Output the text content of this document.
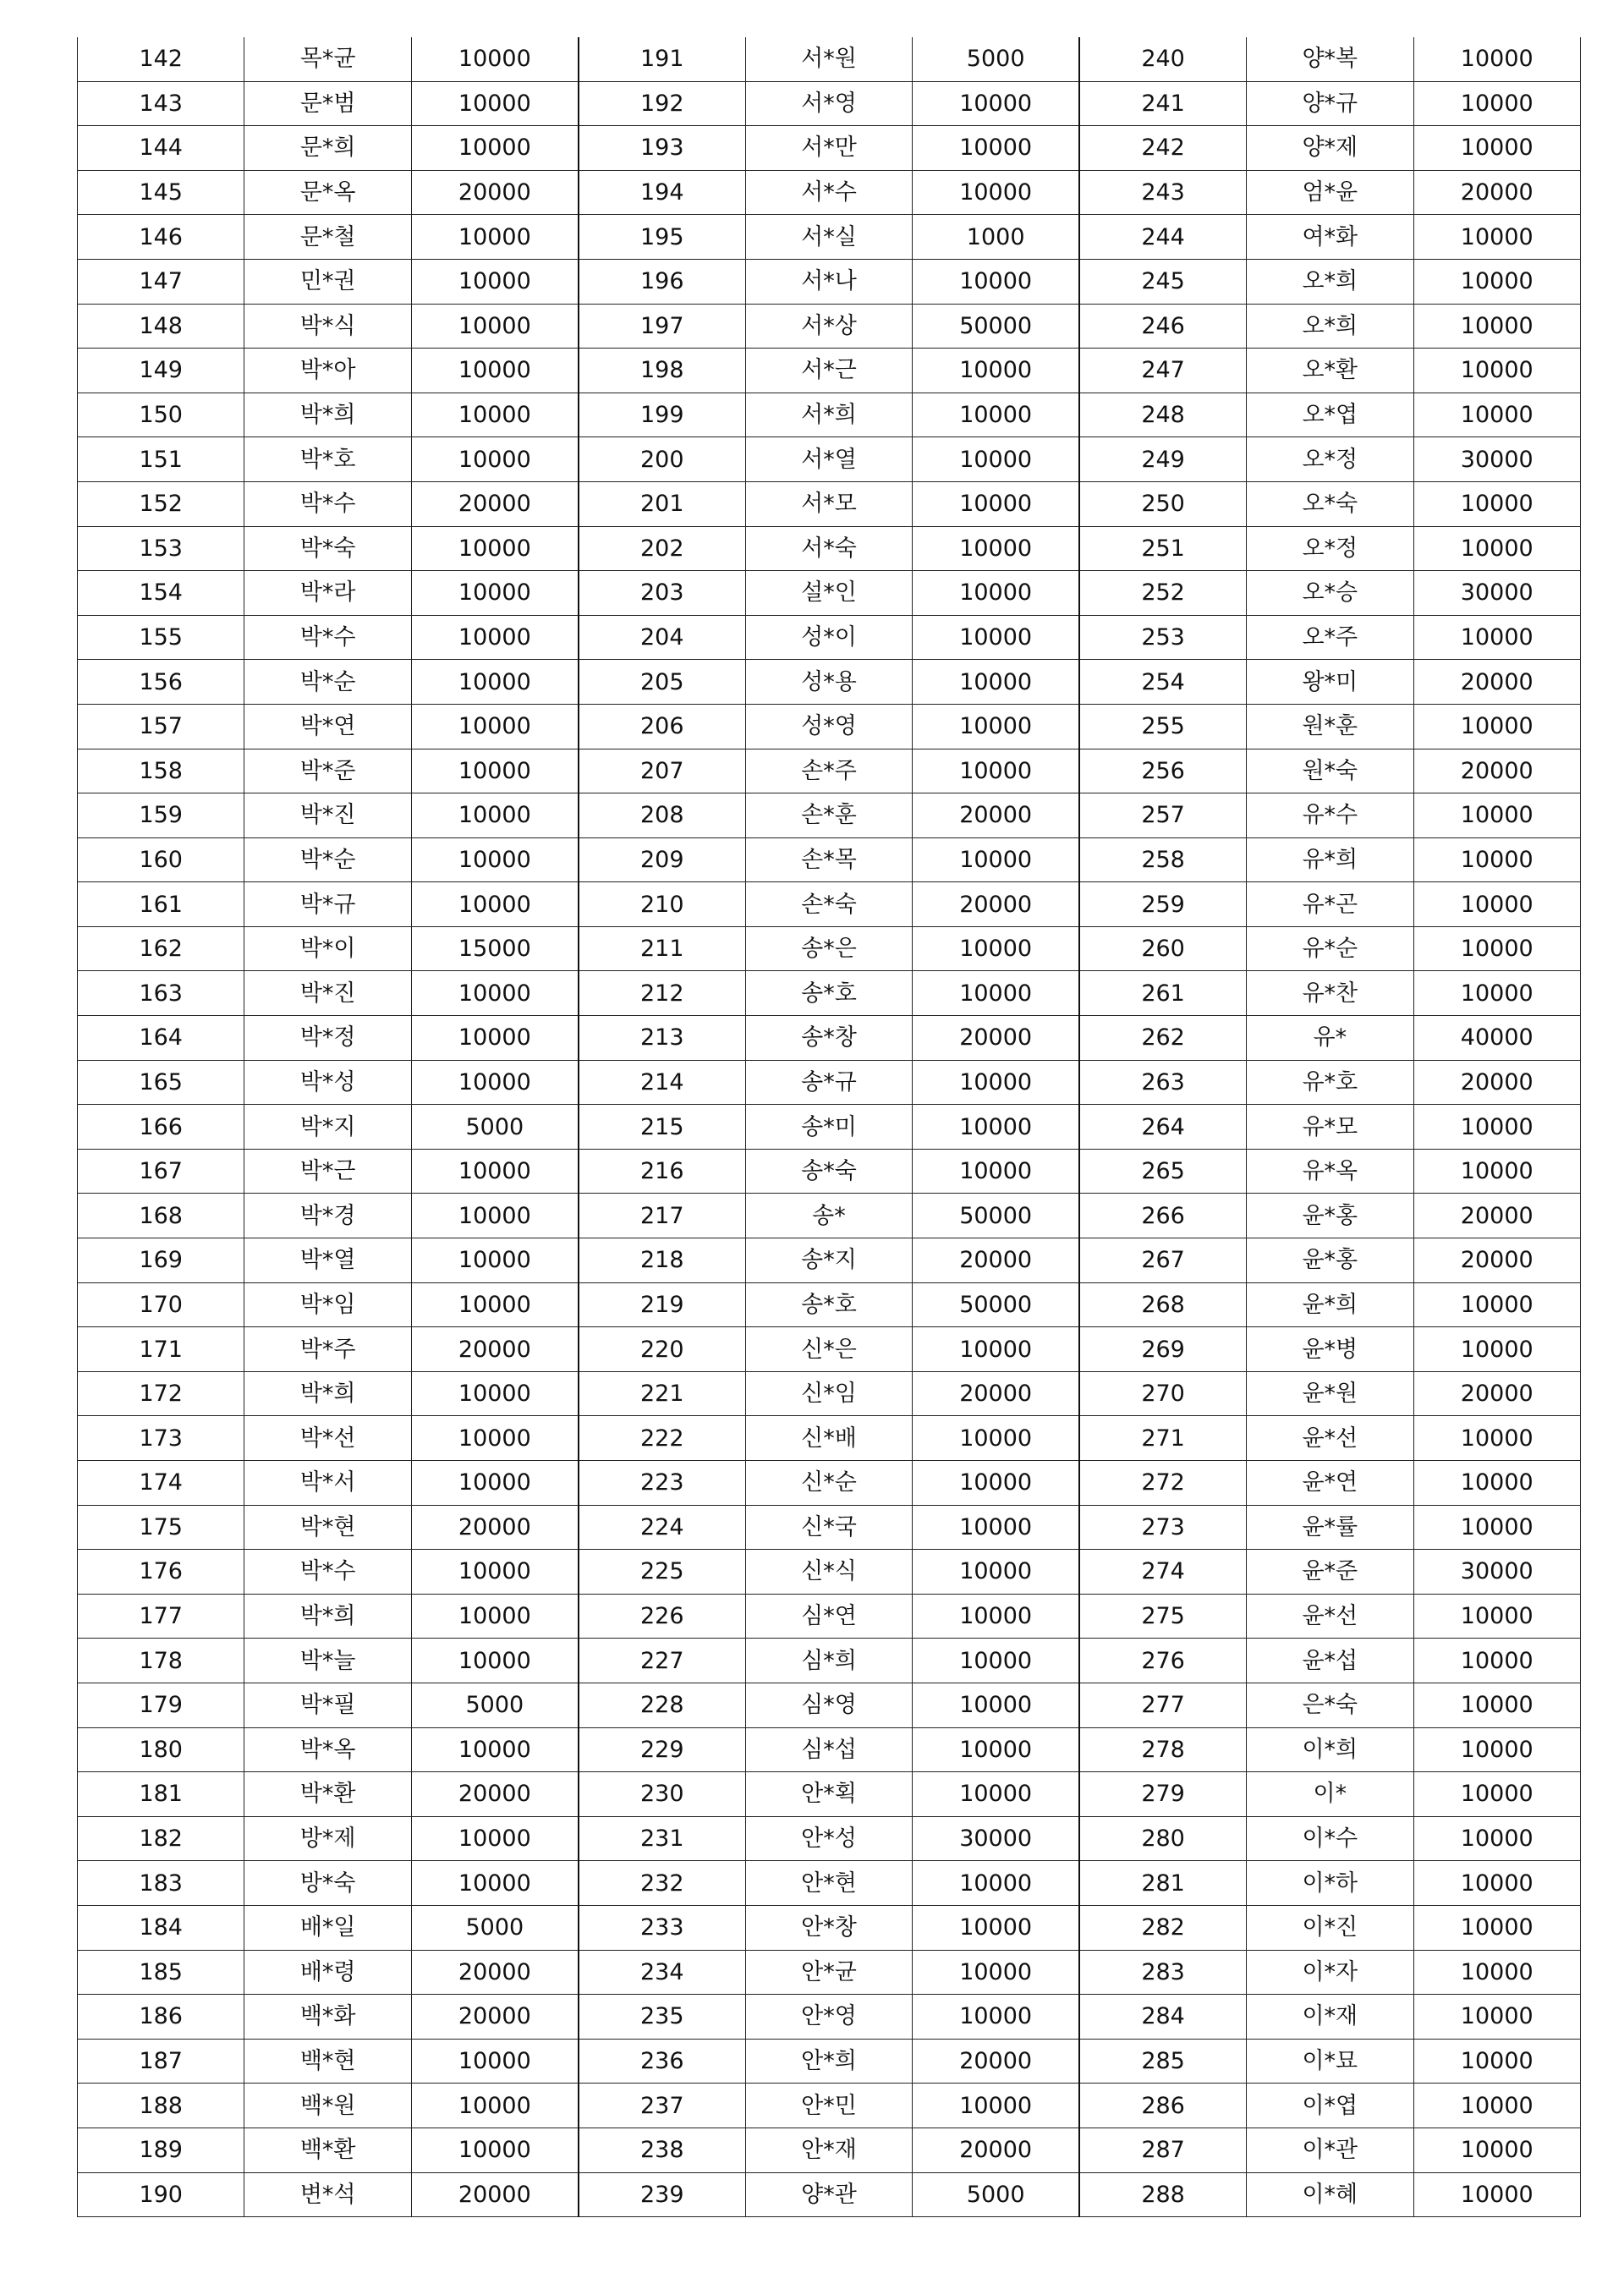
142	목*균	10000	191	서*원	5000	240	양*복	10000
143	문*범	10000	192	서*영	10000	241	양*규	10000
144	문*희	10000	193	서*만	10000	242	양*제	10000
145	문*옥	20000	194	서*수	10000	243	엄*윤	20000
146	문*철	10000	195	서*실	1000	244	여*화	10000
147	민*권	10000	196	서*나	10000	245	오*희	10000
148	박*식	10000	197	서*상	50000	246	오*희	10000
149	박*아	10000	198	서*근	10000	247	오*환	10000
150	박*희	10000	199	서*희	10000	248	오*엽	10000
151	박*호	10000	200	서*열	10000	249	오*정	30000
152	박*수	20000	201	서*모	10000	250	오*숙	10000
153	박*숙	10000	202	서*숙	10000	251	오*정	10000
154	박*라	10000	203	설*인	10000	252	오*승	30000
155	박*수	10000	204	성*이	10000	253	오*주	10000
156	박*순	10000	205	성*용	10000	254	왕*미	20000
157	박*연	10000	206	성*영	10000	255	원*훈	10000
158	박*준	10000	207	손*주	10000	256	원*숙	20000
159	박*진	10000	208	손*훈	20000	257	유*수	10000
160	박*순	10000	209	손*목	10000	258	유*희	10000
161	박*규	10000	210	손*숙	20000	259	유*곤	10000
162	박*이	15000	211	송*은	10000	260	유*순	10000
163	박*진	10000	212	송*호	10000	261	유*찬	10000
164	박*정	10000	213	송*창	20000	262	유*	40000
165	박*성	10000	214	송*규	10000	263	유*호	20000
166	박*지	5000	215	송*미	10000	264	유*모	10000
167	박*근	10000	216	송*숙	10000	265	유*옥	10000
168	박*경	10000	217	송*	50000	266	윤*홍	20000
169	박*열	10000	218	송*지	20000	267	윤*홍	20000
170	박*임	10000	219	송*호	50000	268	윤*희	10000
171	박*주	20000	220	신*은	10000	269	윤*병	10000
172	박*희	10000	221	신*임	20000	270	윤*원	20000
173	박*선	10000	222	신*배	10000	271	윤*선	10000
174	박*서	10000	223	신*순	10000	272	윤*연	10000
175	박*현	20000	224	신*국	10000	273	윤*률	10000
176	박*수	10000	225	신*식	10000	274	윤*준	30000
177	박*희	10000	226	심*연	10000	275	윤*선	10000
178	박*늘	10000	227	심*희	10000	276	윤*섭	10000
179	박*필	5000	228	심*영	10000	277	은*숙	10000
180	박*옥	10000	229	심*섭	10000	278	이*희	10000
181	박*환	20000	230	안*획	10000	279	이*	10000
182	방*제	10000	231	안*성	30000	280	이*수	10000
183	방*숙	10000	232	안*현	10000	281	이*하	10000
184	배*일	5000	233	안*창	10000	282	이*진	10000
185	배*령	20000	234	안*균	10000	283	이*자	10000
186	백*화	20000	235	안*영	10000	284	이*재	10000
187	백*현	10000	236	안*희	20000	285	이*묘	10000
188	백*원	10000	237	안*민	10000	286	이*엽	10000
189	백*환	10000	238	안*재	20000	287	이*관	10000
190	변*석	20000	239	양*관	5000	288	이*혜	10000
